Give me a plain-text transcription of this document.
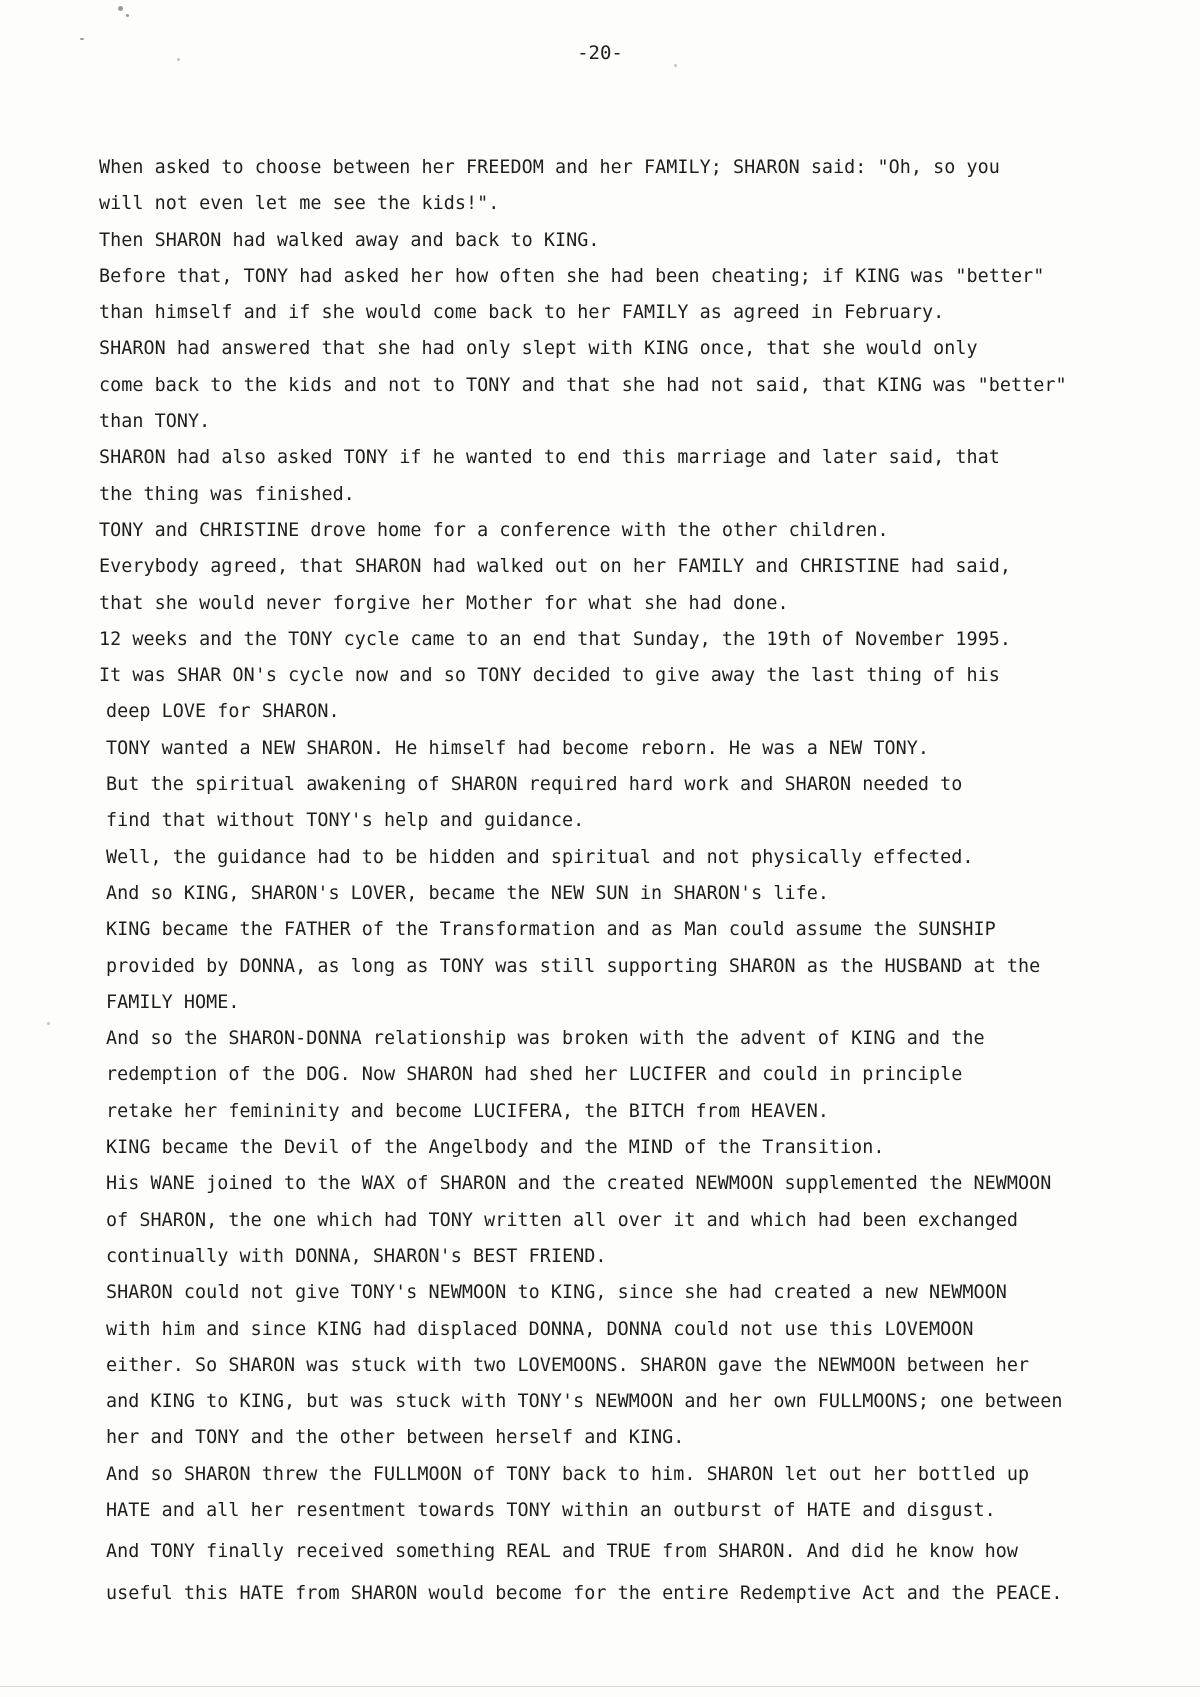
-20-
When asked to choose between her FREEDOM and her FAMILY; SHARON said: "Oh, so you
will not even let me see the kids!".
Then SHARON had walked away and back to KING.
Before that, TONY had asked her how often she had been cheating; if KING was "better"
than himself and if she would come back to her FAMILY as agreed in February.
SHARON had answered that she had only slept with KING once, that she would only
come back to the kids and not to TONY and that she had not said, that KING was "better"
than TONY.
SHARON had also asked TONY if he wanted to end this marriage and later said, that
the thing was finished.
TONY and CHRISTINE drove home for a conference with the other children.
Everybody agreed, that SHARON had walked out on her FAMILY and CHRISTINE had said,
that she would never forgive her Mother for what she had done.
12 weeks and the TONY cycle came to an end that Sunday, the 19th of November 1995.
It was SHAR ON's cycle now and so TONY decided to give away the last thing of his
deep LOVE for SHARON.
TONY wanted a NEW SHARON. He himself had become reborn. He was a NEW TONY.
But the spiritual awakening of SHARON required hard work and SHARON needed to
find that without TONY's help and guidance.
Well, the guidance had to be hidden and spiritual and not physically effected.
And so KING, SHARON's LOVER, became the NEW SUN in SHARON's life.
KING became the FATHER of the Transformation and as Man could assume the SUNSHIP
provided by DONNA, as long as TONY was still supporting SHARON as the HUSBAND at the
FAMILY HOME.
And so the SHARON-DONNA relationship was broken with the advent of KING and the
redemption of the DOG. Now SHARON had shed her LUCIFER and could in principle
retake her femininity and become LUCIFERA, the BITCH from HEAVEN.
KING became the Devil of the Angelbody and the MIND of the Transition.
His WANE joined to the WAX of SHARON and the created NEWMOON supplemented the NEWMOON
of SHARON, the one which had TONY written all over it and which had been exchanged
continually with DONNA, SHARON's BEST FRIEND.
SHARON could not give TONY's NEWMOON to KING, since she had created a new NEWMOON
with him and since KING had displaced DONNA, DONNA could not use this LOVEMOON
either. So SHARON was stuck with two LOVEMOONS. SHARON gave the NEWMOON between her
and KING to KING, but was stuck with TONY's NEWMOON and her own FULLMOONS; one between
her and TONY and the other between herself and KING.
And so SHARON threw the FULLMOON of TONY back to him. SHARON let out her bottled up
HATE and all her resentment towards TONY within an outburst of HATE and disgust.
And TONY finally received something REAL and TRUE from SHARON. And did he know how
useful this HATE from SHARON would become for the entire Redemptive Act and the PEACE.
